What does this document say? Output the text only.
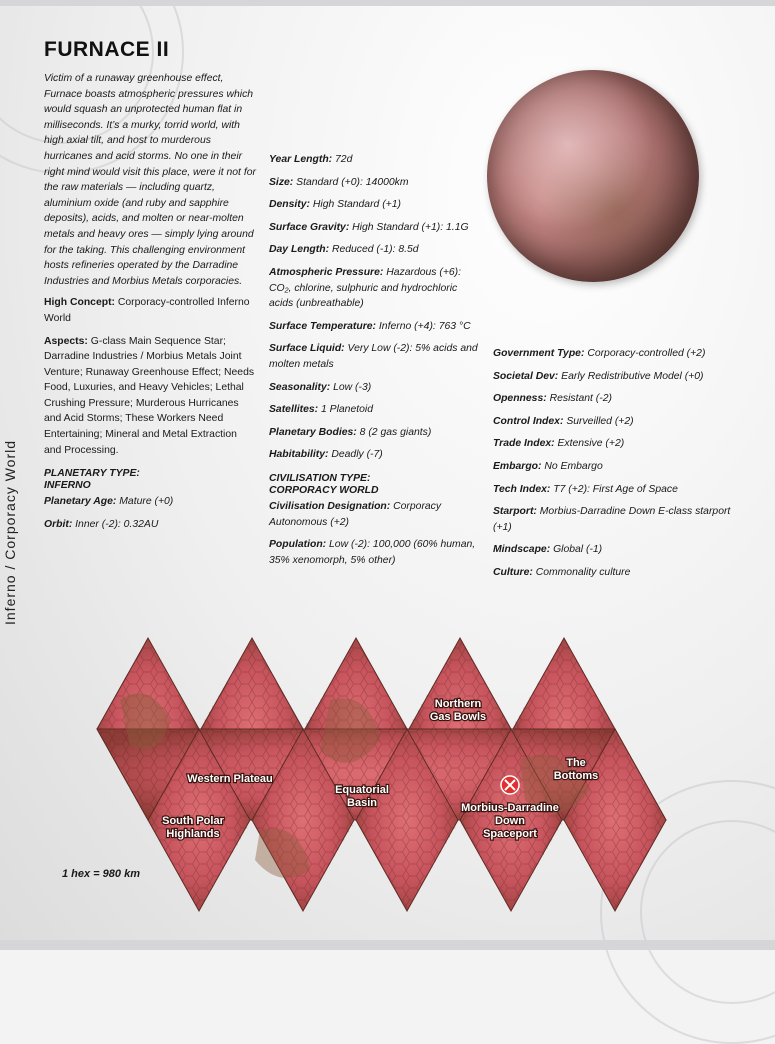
FURNACE II

Victim of a runaway greenhouse effect, Furnace boasts atmospheric pressures which would squash an unprotected human flat in milliseconds. It’s a murky, torrid world, with high axial tilt, and host to murderous hurricanes and acid storms. No one in their right mind would visit this place, were it not for the raw materials — including quartz, aluminium oxide (and ruby and sapphire deposits), acids, and molten or near-molten metals and heavy ores — simply lying around for the taking. This challenging environment hosts refineries operated by the Darradine Industries and Morbius Metals corporacies.

High Concept: Corporacy-controlled Inferno World
Aspects: G-class Main Sequence Star; Darradine Industries / Morbius Metals Joint Venture; Runaway Greenhouse Effect; Needs Food, Luxuries, and Heavy Vehicles; Lethal Crushing Pressure; Murderous Hurricanes and Acid Storms; These Workers Need Entertaining; Mineral and Metal Extraction and Processing.
PLANETARY TYPE:
INFERNO
Planetary Age: Mature (+0)
Orbit: Inner (-2): 0.32AU
Year Length: 72d
Size: Standard (+0): 14000km
Density: High Standard (+1)
Surface Gravity: High Standard (+1): 1.1G
Day Length: Reduced (-1): 8.5d
Atmospheric Pressure: Hazardous (+6): CO₂, chlorine, sulphuric and hydrochloric acids (unbreathable)
Surface Temperature: Inferno (+4): 763 °C
Surface Liquid: Very Low (-2): 5% acids and molten metals
Seasonality: Low (-3)
Satellites: 1 Planetoid
Planetary Bodies: 8 (2 gas giants)
Habitability: Deadly (-7)
CIVILISATION TYPE:
CORPORACY WORLD
Civilisation Designation: Corporacy Autonomous (+2)
Population: Low (-2): 100,000 (60% human, 35% xenomorph, 5% other)
Government Type: Corporacy-controlled (+2)
Societal Dev: Early Redistributive Model (+0)
Openness: Resistant (-2)
Control Index: Surveilled (+2)
Trade Index: Extensive (+2)
Embargo: No Embargo
Tech Index: T7 (+2): First Age of Space
Starport: Morbius-Darradine Down E-class starport (+1)
Mindscape: Global (-1)
Culture: Commonality culture
Northern
Gas Bowls
Western Plateau
Equatorial
Basin
The
Bottoms
South Polar
Highlands
Morbius-Darradine
Down
Spaceport
1 hex = 980 km
